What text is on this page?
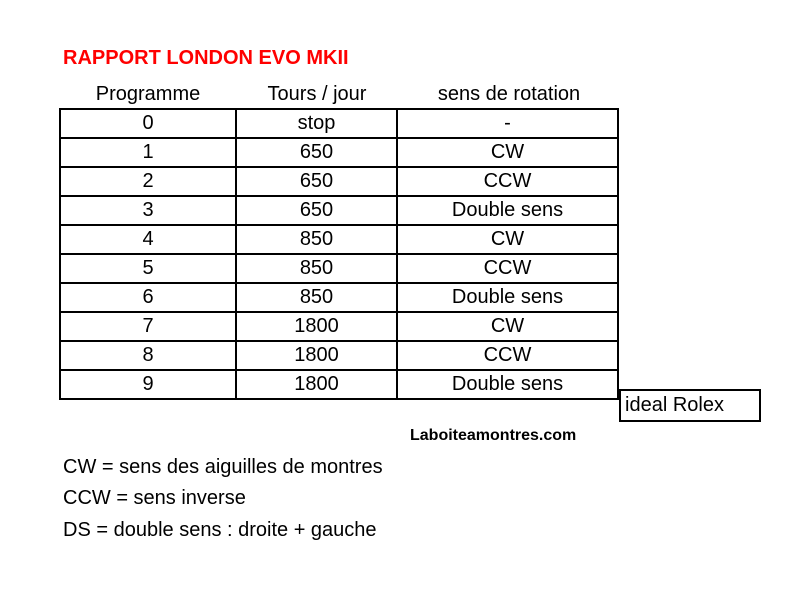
RAPPORT LONDON EVO MKII
Programme	Tours / jour	sens de rotation
0	stop	-
1	650	CW
2	650	CCW
3	650	Double sens
4	850	CW
5	850	CCW
6	850	Double sens
7	1800	CW
8	1800	CCW
9	1800	Double sens
ideal Rolex
Laboiteamontres.com
CW = sens des aiguilles de montres
CCW = sens inverse
DS = double sens : droite + gauche
